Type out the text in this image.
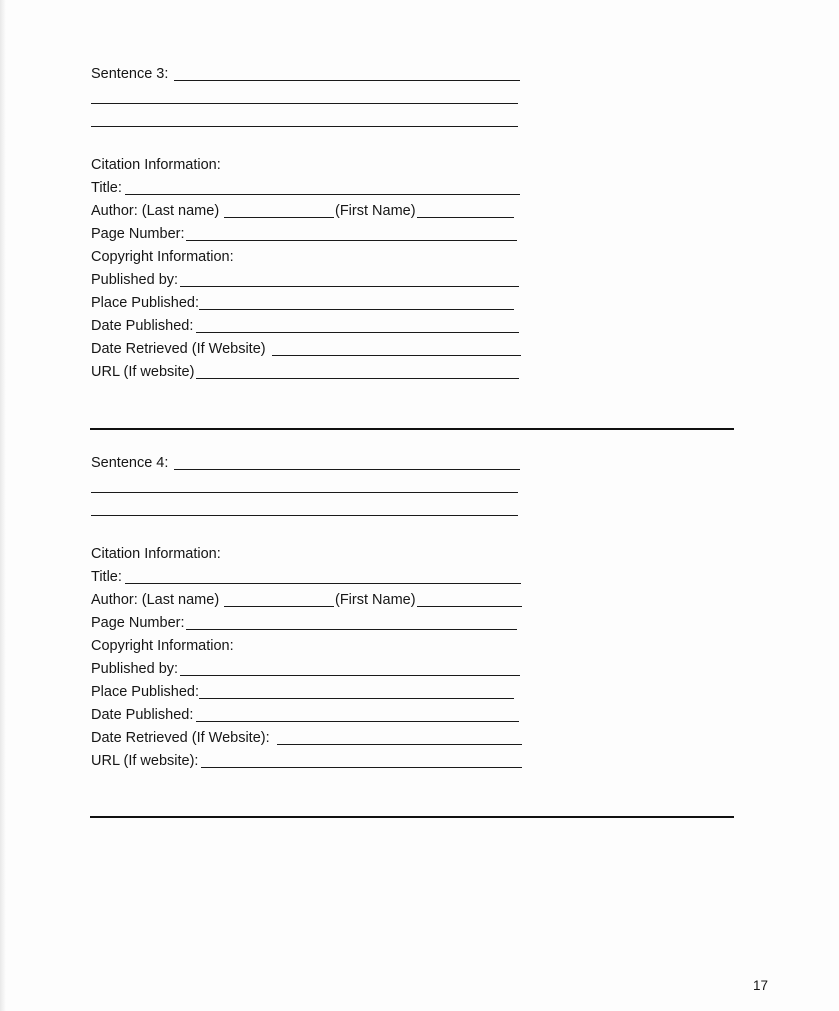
Sentence 3:
Citation Information:
Title:
Author: (Last name)	(First Name)
Page Number:
Copyright Information:
Published by:
Place Published:
Date Published:
Date Retrieved (If Website)
URL (If website)
Sentence 4:
Citation Information:
Title:
Author: (Last name)	(First Name)
Page Number:
Copyright Information:
Published by:
Place Published:
Date Published:
Date Retrieved (If Website):
URL (If website):
17
